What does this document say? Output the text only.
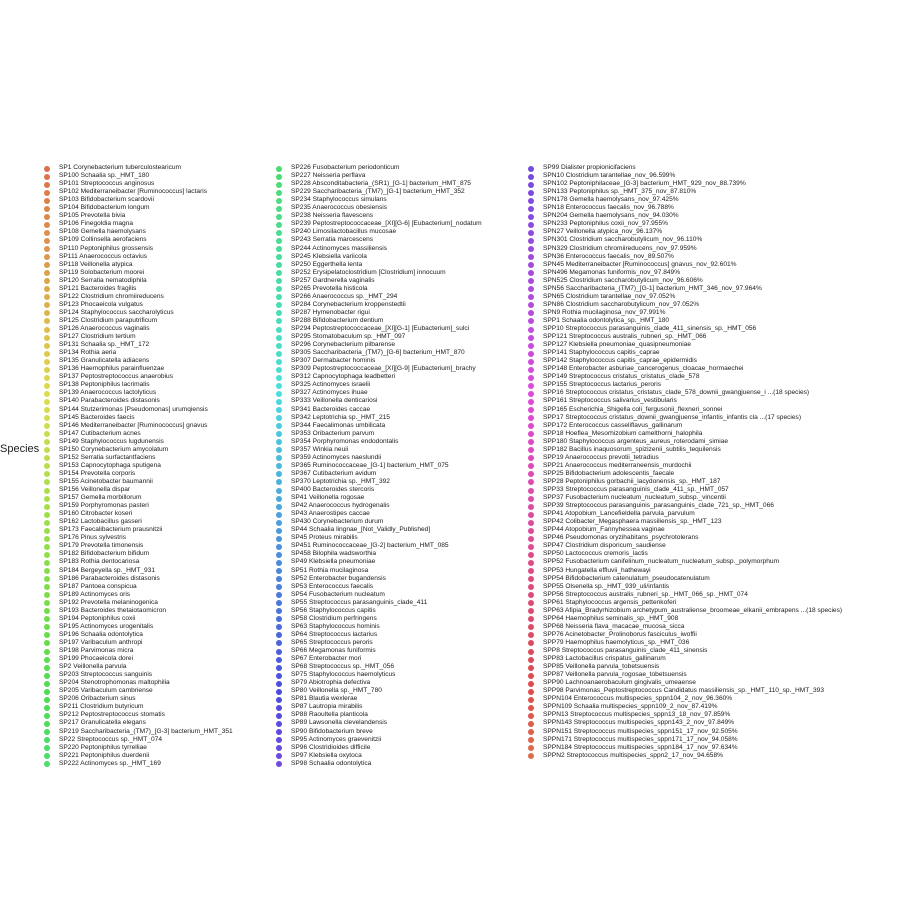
Species
SP1 Corynebacterium tuberculostearicum
SP100 Schaalia sp._HMT_180
SP101 Streptococcus anginosus
SP102 Mediterraneibacter [Ruminococcus] lactaris
SP103 Bifidobacterium scardovii
SP104 Bifidobacterium longum
SP105 Prevotella bivia
SP106 Finegoldia magna
SP108 Gemella haemolysans
SP109 Collinsella aerofaciens
SP110 Peptoniphilus grossensis
SP111 Anaerococcus octavius
SP118 Veillonella atypica
SP119 Solobacterium moorei
SP120 Serratia nematodiphila
SP121 Bacteroides fragilis
SP122 Clostridium chromiireducens
SP123 Phocaeicola vulgatus
SP124 Staphylococcus saccharolyticus
SP125 Clostridium paraputrificum
SP126 Anaerococcus vaginalis
SP127 Clostridium tertium
SP131 Schaalia sp._HMT_172
SP134 Rothia aeria
SP135 Granulicatella adiacens
SP136 Haemophilus parainfluenzae
SP137 Peptostreptococcus anaerobius
SP138 Peptoniphilus lacrimalis
SP139 Anaerococcus lactolyticus
SP140 Parabacteroides distasonis
SP144 Stutzerimonas [Pseudomonas] urumqiensis
SP145 Bacteroides faecis
SP146 Mediterraneibacter [Ruminococcus] gnavus
SP147 Cutibacterium acnes
SP149 Staphylococcus lugdunensis
SP150 Corynebacterium amycolatum
SP152 Serratia surfactantfaciens
SP153 Capnocytophaga sputigena
SP154 Prevotella corporis
SP155 Acinetobacter baumannii
SP156 Veillonella dispar
SP157 Gemella morbillorum
SP159 Porphyromonas pasteri
SP160 Citrobacter koseri
SP162 Lactobacillus gasseri
SP173 Faecalibacterium prausnitzii
SP176 Pinus sylvestris
SP179 Prevotella timonensis
SP182 Bifidobacterium bifidum
SP183 Rothia dentocariosa
SP184 Bergeyella sp._HMT_931
SP186 Parabacteroides distasonis
SP187 Pantoea conspicua
SP189 Actinomyces oris
SP192 Prevotella melaninogenica
SP193 Bacteroides thetaiotaomicron
SP194 Peptoniphilus coxii
SP195 Actinomyces urogenitalis
SP196 Schaalia odontolytica
SP197 Varibaculum anthropi
SP198 Parvimonas micra
SP199 Phocaeicola dorei
SP2 Veillonella parvula
SP203 Streptococcus sanguinis
SP204 Stenotrophomonas maltophilia
SP205 Varibaculum cambriense
SP206 Oribacterium sinus
SP211 Clostridium butyricum
SP212 Peptostreptococcus stomatis
SP217 Granulicatella elegans
SP219 Saccharibacteria_(TM7)_[G-3] bacterium_HMT_351
SP22 Streptococcus sp._HMT_074
SP220 Peptoniphilus tyrrelliae
SP221 Peptoniphilus duerdenii
SP222 Actinomyces sp._HMT_169
SP226 Fusobacterium periodonticum
SP227 Neisseria perflava
SP228 Absconditabacteria_(SR1)_[G-1] bacterium_HMT_875
SP229 Saccharibacteria_(TM7)_[G-1] bacterium_HMT_352
SP234 Staphylococcus simulans
SP235 Anaerococcus obesiensis
SP238 Neisseria flavescens
SP239 Peptostreptococcaceae_[XI][G-6] [Eubacterium]_nodatum
SP240 Limosilactobacillus mucosae
SP243 Serratia marcescens
SP244 Actinomyces massiliensis
SP245 Klebsiella variicola
SP250 Eggerthella lenta
SP252 Erysipelatoclostridium [Clostridium] innocuum
SP257 Gardnerella vaginalis
SP265 Prevotella histicola
SP266 Anaerococcus sp._HMT_294
SP284 Corynebacterium kroppenstedtii
SP287 Hymenobacter rigui
SP288 Bifidobacterium dentium
SP294 Peptostreptococcaceae_[XI][G-1] [Eubacterium]_sulci
SP295 Stomatobaculum sp._HMT_097
SP296 Corynebacterium pilbarense
SP305 Saccharibacteria_(TM7)_[G-6] bacterium_HMT_870
SP307 Dermabacter hominis
SP309 Peptostreptococcaceae_[XI][G-9] [Eubacterium]_brachy
SP312 Capnocytophaga leadbetteri
SP325 Actinomyces israelii
SP327 Actinomyces ihuae
SP333 Veillonella denticariosi
SP341 Bacteroides caccae
SP342 Leptotrichia sp._HMT_215
SP344 Faecalimonas umbilicata
SP353 Oribacterium parvum
SP354 Porphyromonas endodontalis
SP357 Winkia neuii
SP359 Actinomyces naeslundii
SP365 Ruminococcaceae_[G-1] bacterium_HMT_075
SP367 Cutibacterium avidum
SP370 Leptotrichia sp._HMT_392
SP400 Bacteroides stercoris
SP41 Veillonella rogosae
SP42 Anaerococcus hydrogenalis
SP43 Anaerostipes caccae
SP430 Corynebacterium durum
SP44 Schaalia lingnae_[Not_Validly_Published]
SP45 Proteus mirabilis
SP451 Ruminococcaceae_[G-2] bacterium_HMT_085
SP458 Bilophila wadsworthia
SP49 Klebsiella pneumoniae
SP51 Rothia mucilaginosa
SP52 Enterobacter bugandensis
SP53 Enterococcus faecalis
SP54 Fusobacterium nucleatum
SP55 Streptococcus parasanguinis_clade_411
SP56 Staphylococcus capitis
SP58 Clostridium perfringens
SP63 Staphylococcus hominis
SP64 Streptococcus lactarius
SP65 Streptococcus peroris
SP66 Megamonas funiformis
SP67 Enterobacter mori
SP68 Streptococcus sp._HMT_056
SP75 Staphylococcus haemolyticus
SP79 Abiotrophia defectiva
SP80 Veillonella sp._HMT_780
SP81 Blautia wexlerae
SP87 Lautropia mirabilis
SP88 Raoultella planticola
SP89 Lawsonella clevelandensis
SP90 Bifidobacterium breve
SP95 Actinomyces graevenitzii
SP96 Clostridioides difficile
SP97 Klebsiella oxytoca
SP98 Schaalia odontolytica
SP99 Dialister propionicifaciens
SPN10 Clostridium tarantellae_nov_96.599%
SPN102 Peptoniphilaceae_[G-3] bacterium_HMT_929_nov_88.739%
SPN133 Peptoniphilus sp._HMT_375_nov_87.810%
SPN178 Gemella haemolysans_nov_97.425%
SPN18 Enterococcus faecalis_nov_96.788%
SPN204 Gemella haemolysans_nov_94.030%
SPN233 Peptoniphilus coxii_nov_97.955%
SPN27 Veillonella atypica_nov_96.137%
SPN301 Clostridium saccharobutylicum_nov_96.110%
SPN329 Clostridium chromiireducens_nov_97.959%
SPN36 Enterococcus faecalis_nov_89.507%
SPN45 Mediterraneibacter [Ruminococcus] gnavus_nov_92.601%
SPN496 Megamonas funiformis_nov_97.849%
SPN525 Clostridium saccharobutylicum_nov_96.606%
SPN56 Saccharibacteria_(TM7)_[G-1] bacterium_HMT_346_nov_97.964%
SPN65 Clostridium tarantellae_nov_97.052%
SPN86 Clostridium saccharobutylicum_nov_97.052%
SPN9 Rothia mucilaginosa_nov_97.991%
SPP1 Schaalia odontolytica_sp._HMT_180
SPP10 Streptococcus parasanguinis_clade_411_sinensis_sp._HMT_056
SPP121 Streptococcus australis_rubneri_sp._HMT_066
SPP127 Klebsiella pneumoniae_quasipneumoniae
SPP141 Staphylococcus capitis_caprae
SPP142 Staphylococcus capitis_caprae_epidermidis
SPP148 Enterobacter asburiae_cancerogenus_cloacae_hormaechei
SPP149 Streptococcus cristatus_cristatus_clade_578
SPP155 Streptococcus lactarius_peroris
SPP16 Streptococcus cristatus_cristatus_clade_578_downii_gwangjuense_i ...(18 species)
SPP161 Streptococcus salivarius_vestibularis
SPP165 Escherichia_Shigella coli_fergusonii_flexneri_sonnei
SPP17 Streptococcus cristatus_downii_gwangjuense_infantis_infantis cla ...(17 species)
SPP172 Enterococcus casseliflavus_gallinarum
SPP18 Hoeflea_Mesorhizobium camelthorni_halophila
SPP180 Staphylococcus argenteus_aureus_roterodami_simiae
SPP182 Bacillus inaquosorum_spizizenii_subtilis_tequilensis
SPP19 Anaerococcus prevotii_tetradius
SPP21 Anaerococcus mediterraneensis_murdochii
SPP25 Bifidobacterium adolescentis_faecale
SPP28 Peptoniphilus gorbachii_lacydonensis_sp._HMT_187
SPP33 Streptococcus parasanguinis_clade_411_sp._HMT_057
SPP37 Fusobacterium nucleatum_nucleatum_subsp._vincentii
SPP39 Streptococcus parasanguinis_parasanguinis_clade_721_sp._HMT_066
SPP41 Atopobium_Lancefieldella parvula_parvulum
SPP42 Colibacter_Megasphaera massiliensis_sp._HMT_123
SPP44 Atopobium_Fannyhessea vaginae
SPP46 Pseudomonas oryzihabitans_psychrotolerans
SPP47 Clostridium disporicum_saudiense
SPP50 Lactococcus cremoris_lactis
SPP52 Fusobacterium canifelinum_nucleatum_nucleatum_subsp._polymorphum
SPP53 Hungatella effluvii_hathewayi
SPP54 Bifidobacterium catenulatum_pseudocatenulatum
SPP55 Olsenella sp._HMT_939_uli/infantis
SPP56 Streptococcus australis_rubneri_sp._HMT_066_sp._HMT_074
SPP61 Staphylococcus argensis_pettenkoferi
SPP63 Afipia_Bradyrhizobium archetypum_australiense_broomeae_elkanii_embrapens ...(18 species)
SPP64 Haemophilus seminalis_sp._HMT_908
SPP68 Neisseria flava_macacae_mucosa_sicca
SPP76 Acinetobacter_Prolinoborus fasciculus_iwoffii
SPP79 Haemophilus haemolyticus_sp._HMT_036
SPP8 Streptococcus parasanguinis_clade_411_sinensis
SPP83 Lactobacillus crispatus_gallinarum
SPP85 Veillonella parvula_tobetsuensis
SPP87 Veillonella parvula_rogosae_tobetsuensis
SPP90 Lachnoanaerobaculum gingivalis_umeaense
SPP98 Parvimonas_Peptostreptococcus Candidatus massiliensis_sp._HMT_110_sp._HMT_393
SPPN104 Enterococcus multispecies_sppn104_2_nov_96.360%
SPPN109 Schaalia multispecies_sppn109_2_nov_87.419%
SPPN13 Streptococcus multispecies_sppn13_18_nov_97.859%
SPPN143 Streptococcus multispecies_sppn143_2_nov_97.849%
SPPN151 Streptococcus multispecies_sppn151_17_nov_92.505%
SPPN171 Streptococcus multispecies_sppn171_17_nov_94.058%
SPPN184 Streptococcus multispecies_sppn184_17_nov_97.634%
SPPN2 Streptococcus multispecies_sppn2_17_nov_94.658%
